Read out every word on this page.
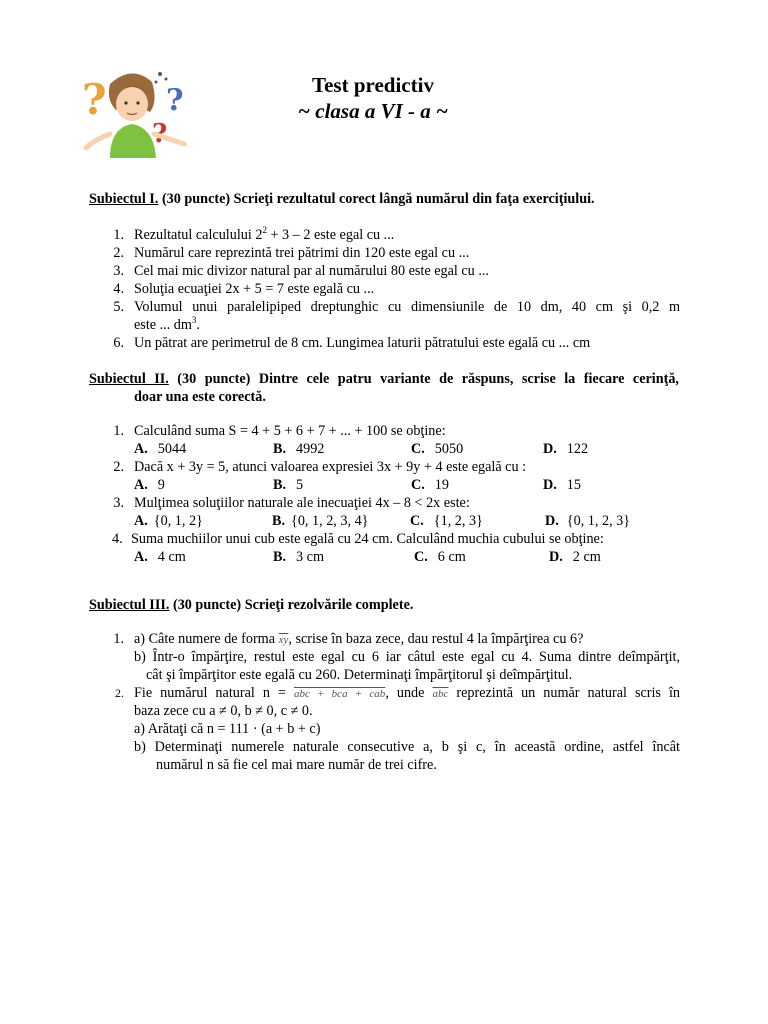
? ?
?
Test predictiv
~ clasa a VI - a ~
Subiectul I. (30 puncte) Scrieţi rezultatul corect lângă numărul din faţa exerciţiului.
1. Rezultatul calculului $2^2 + 3 - 2$ este egal cu ...
2. Numărul care reprezintă trei pătrimi din 120 este egal cu ...
3. Cel mai mic divizor natural par al numărului 80 este egal cu ...
4. Soluţia ecuaţiei 2x + 5 = 7 este egală cu ...
5. Volumul unui paralelipiped dreptunghic cu dimensiunile de 10 dm, 40 cm şi 0,2 m
este ... $dm^3$.
6. Un pătrat are perimetrul de 8 cm. Lungimea laturii pătratului este egală cu ... cm
Subiectul II. (30 puncte) Dintre cele patru variante de răspuns, scrise la fiecare cerinţă,
doar una este corectă.
1. Calculând suma S = 4 + 5 + 6 + 7 + ... + 100 se obţine:
A. 5044	B. 4992	C. 5050	D. 122
2. Dacă x + 3y = 5, atunci valoarea expresiei 3x + 9y + 4 este egală cu :
A. 9	B. 5	C. 19	D. 15
3. Mulţimea soluţiilor naturale ale inecuaţiei 4x – 8 < 2x este:
A. {0, 1, 2}	B. {0, 1, 2, 3, 4}	C. {1, 2, 3}	D. {0, 1, 2, 3}
4. Suma muchiilor unui cub este egală cu 24 cm. Calculând muchia cubului se obţine:
A. 4 cm	B. 3 cm	C. 6 cm	D. 2 cm
Subiectul III. (30 puncte) Scrieţi rezolvările complete.
1. a) Câte numere de forma $\overline{xy}$, scrise în baza zece, dau restul 4 la împărţirea cu 6?
b) Într-o împărţire, restul este egal cu 6 iar câtul este egal cu 4. Suma dintre deîmpărţit,
cât şi împărţitor este egală cu 260. Determinaţi împărţitorul şi deîmpărţitul.
2. Fie numărul natural n = abc + bca + cab, unde $\overline{abc}$ reprezintă un număr natural scris în
baza zece cu a ≠ 0, b ≠ 0, c ≠ 0.
a) Arătaţi că n = 111 · (a + b + c)
b) Determinaţi numerele naturale consecutive a, b şi c, în această ordine, astfel încât
numărul n să fie cel mai mare număr de trei cifre.
